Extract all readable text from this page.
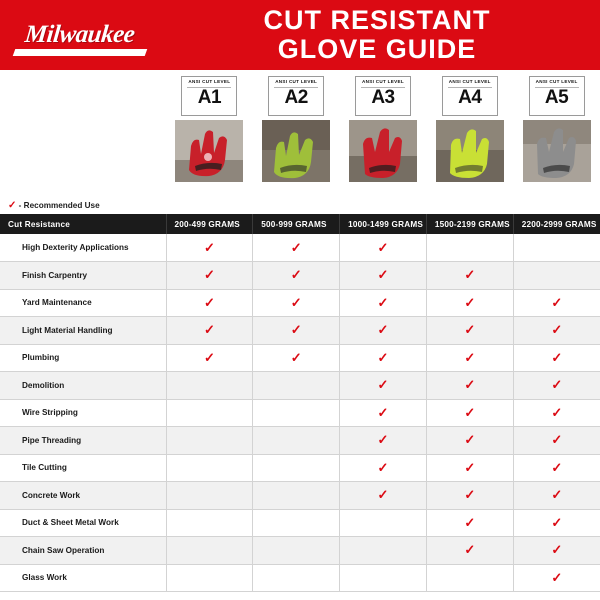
Milwaukee	CUT RESISTANT
GLOVE GUIDE
ANSI CUT LEVEL
A1
ANSI CUT LEVEL
A2
ANSI CUT LEVEL
A3
ANSI CUT LEVEL
A4
ANSI CUT LEVEL
A5
✓ - Recommended Use					
Cut Resistance	200-499 GRAMS	500-999 GRAMS	1000-1499 GRAMS	1500-2199 GRAMS	2200-2999 GRAMS
High Dexterity Applications	✓	✓	✓		
Finish Carpentry	✓	✓	✓	✓	
Yard Maintenance	✓	✓	✓	✓	✓
Light Material Handling	✓	✓	✓	✓	✓
Plumbing	✓	✓	✓	✓	✓
Demolition			✓	✓	✓
Wire Stripping			✓	✓	✓
Pipe Threading			✓	✓	✓
Tile Cutting			✓	✓	✓
Concrete Work			✓	✓	✓
Duct & Sheet Metal Work				✓	✓
Chain Saw Operation				✓	✓
Glass Work					✓
